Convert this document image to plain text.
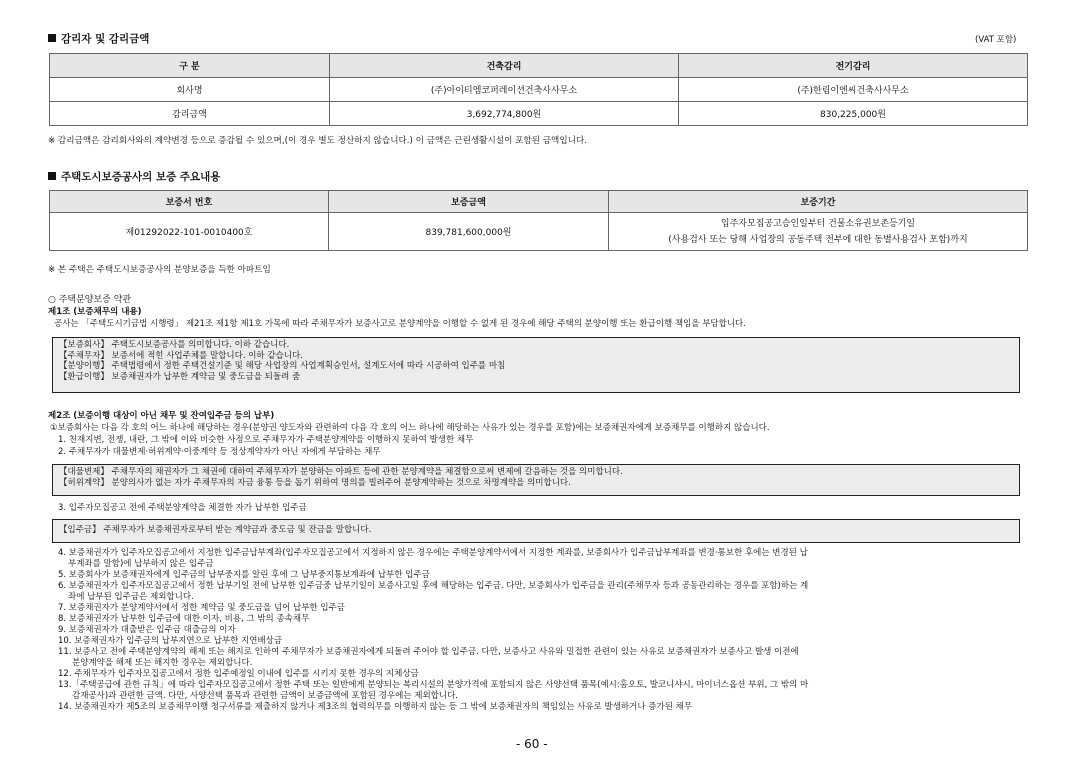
감리자 및 감리금액	(VAT 포함)
구 분	건축감리	전기감리
회사명	(주)아이티엠코퍼레이션건축사사무소	(주)한림이엔씨건축사사무소
감리금액	3,692,774,800원	830,225,000원
※ 감리금액은 감리회사와의 계약변경 등으로 증감될 수 있으며,(이 경우 별도 정산하지 않습니다.) 이 금액은 근린생활시설이 포함된 금액입니다.
주택도시보증공사의 보증 주요내용
보증서 번호	보증금액	보증기간
제01292022-101-0010400호	839,781,600,000원	입주자모집공고승인일부터 건물소유권보존등기일
(사용검사 또는 당해 사업장의 공동주택 전부에 대한 동별사용검사 포함)까지
※ 본 주택은 주택도시보증공사의 분양보증을 득한 아파트임
○ 주택분양보증 약관
제1조 (보증채무의 내용)
공사는 「주택도시기금법 시행령」 제21조 제1항 제1호 가목에 따라 주채무자가 보증사고로 분양계약을 이행할 수 없게 된 경우에 해당 주택의 분양이행 또는 환급이행 책임을 부담합니다.
【보증회사】 주택도시보증공사를 의미합니다. 이하 같습니다.
【주채무자】 보증서에 적힌 사업주체를 말합니다. 이하 같습니다.
【분양이행】 주택법령에서 정한 주택건설기준 및 해당 사업장의 사업계획승인서, 설계도서에 따라 시공하여 입주를 마침
【환급이행】 보증채권자가 납부한 계약금 및 중도금을 되돌려 줌
제2조 (보증이행 대상이 아닌 채무 및 잔여입주금 등의 납부)
①보증회사는 다음 각 호의 어느 하나에 해당하는 경우(분양권 양도자와 관련하여 다음 각 호의 어느 하나에 해당하는 사유가 있는 경우를 포함)에는 보증채권자에게 보증채무를 이행하지 않습니다.
1. 천재지변, 전쟁, 내란, 그 밖에 이와 비슷한 사정으로 주채무자가 주택분양계약을 이행하지 못하여 발생한 채무
2. 주채무자가 대물변제·허위계약·이중계약 등 정상계약자가 아닌 자에게 부담하는 채무
【대물변제】 주채무자의 채권자가 그 채권에 대하여 주채무자가 분양하는 아파트 등에 관한 분양계약을 체결함으로써 변제에 갈음하는 것을 의미합니다.
【허위계약】 분양의사가 없는 자가 주채무자의 자금 융통 등을 돕기 위하여 명의를 빌려주어 분양계약하는 것으로 차명계약을 의미합니다.
3. 입주자모집공고 전에 주택분양계약을 체결한 자가 납부한 입주금
【입주금】 주채무자가 보증채권자로부터 받는 계약금과 중도금 및 잔금을 말합니다.
4. 보증채권자가 입주자모집공고에서 지정한 입주금납부계좌(입주자모집공고에서 지정하지 않은 경우에는 주택분양계약서에서 지정한 계좌를, 보증회사가 입주금납부계좌를 변경·통보한 후에는 변경된 납
부계좌를 말함)에 납부하지 않은 입주금
5. 보증회사가 보증채권자에게 입주금의 납부중지를 알린 후에 그 납부중지통보계좌에 납부한 입주금
6. 보증채권자가 입주자모집공고에서 정한 납부기일 전에 납부한 입주금중 납부기일이 보증사고일 후에 해당하는 입주금. 다만, 보증회사가 입주금을 관리(주채무자 등과 공동관리하는 경우를 포함)하는 계
좌에 납부된 입주금은 제외합니다.
7. 보증채권자가 분양계약서에서 정한 계약금 및 중도금을 넘어 납부한 입주금
8. 보증채권자가 납부한 입주금에 대한 이자, 비용, 그 밖의 종속채무
9. 보증채권자가 대출받은 입주금 대출금의 이자
10. 보증채권자가 입주금의 납부지연으로 납부한 지연배상금
11. 보증사고 전에 주택분양계약의 해제 또는 해지로 인하여 주채무자가 보증채권자에게 되돌려 주어야 할 입주금. 다만, 보증사고 사유와 밀접한 관련이 있는 사유로 보증채권자가 보증사고 발생 이전에
분양계약을 해제 또는 해지한 경우는 제외합니다.
12. 주채무자가 입주자모집공고에서 정한 입주예정일 이내에 입주를 시키지 못한 경우의 지체상금
13.「주택공급에 관한 규칙」에 따라 입주자모집공고에서 정한 주택 또는 일반에게 분양되는 복리시설의 분양가격에 포함되지 않은 사양선택 품목(예시:홈오토, 발코니샤시, 마이너스옵션 부위, 그 밖의 마
감재공사)과 관련한 금액. 다만, 사양선택 품목과 관련한 금액이 보증금액에 포함된 경우에는 제외합니다.
14. 보증채권자가 제5조의 보증채무이행 청구서류를 제출하지 않거나 제3조의 협력의무를 이행하지 않는 등 그 밖에 보증채권자의 책임있는 사유로 발생하거나 증가된 채무
- 60 -
